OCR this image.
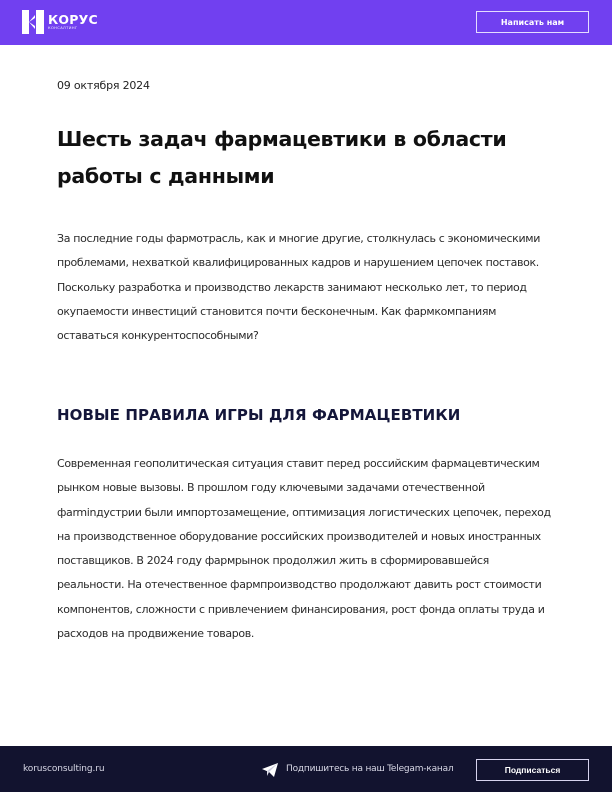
КОРУС
КОНСАЛТИНГ
Написать нам
09 октября 2024
Шесть задач фармацевтики в области работы с данными

За последние годы фармотрасль, как и многие другие, столкнулась с экономическими проблемами, нехваткой квалифицированных кадров и нарушением цепочек поставок. Поскольку разработка и производство лекарств занимают несколько лет, то период окупаемости инвестиций становится почти бесконечным. Как фармкомпаниям оставаться конкурентоспособными?

НОВЫЕ ПРАВИЛА ИГРЫ ДЛЯ ФАРМАЦЕВТИКИ

Современная геополитическая ситуация ставит перед российским фармацевтическим рынком новые вызовы. В прошлом году ключевыми задачами отечественной фarminдустрии были импортозамещение, оптимизация логистических цепочек, переход на производственное оборудование российских производителей и новых иностранных поставщиков. В 2024 году фармрынок продолжил жить в сформировавшейся реальности. На отечественное фармпроизводство продолжают давить рост стоимости компонентов, сложности с привлечением финансирования, рост фонда оплаты труда и расходов на продвижение товаров.

korusconsulting.ru	Подпишитесь на наш Telegam-канал	Подписаться
